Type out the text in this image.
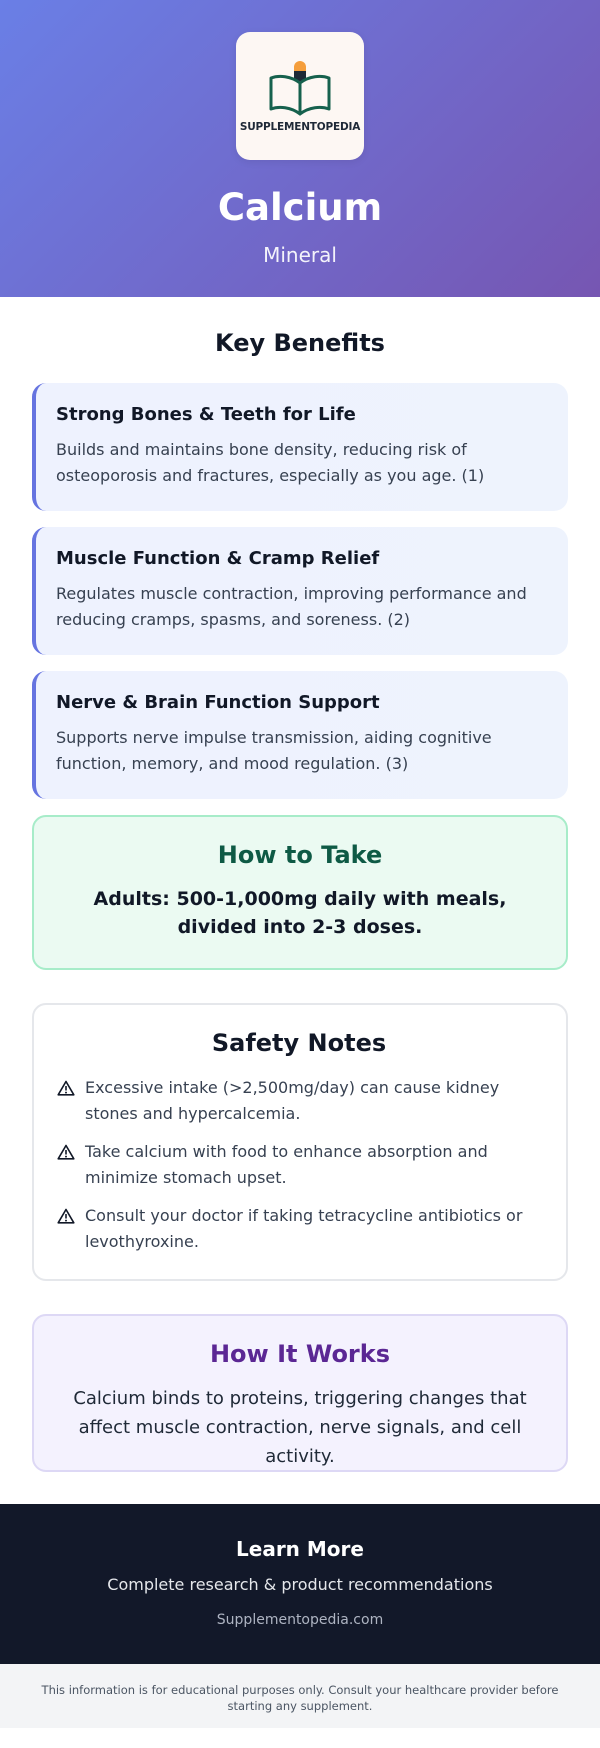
SUPPLEMENTOPEDIA
Calcium
Mineral
Key Benefits
Strong Bones & Teeth for Life
Builds and maintains bone density, reducing risk of osteoporosis and fractures, especially as you age. (1)
Muscle Function & Cramp Relief
Regulates muscle contraction, improving performance and reducing cramps, spasms, and soreness. (2)
Nerve & Brain Function Support
Supports nerve impulse transmission, aiding cognitive function, memory, and mood regulation. (3)
How to Take

Adults: 500-1,000mg daily with meals, divided into 2-3 doses.

Safety Notes
Excessive intake (>2,500mg/day) can cause kidney stones and hypercalcemia.
Take calcium with food to enhance absorption and minimize stomach upset.
Consult your doctor if taking tetracycline antibiotics or levothyroxine.
How It Works

Calcium binds to proteins, triggering changes that affect muscle contraction, nerve signals, and cell activity.

Learn More

Complete research & product recommendations

Supplementopedia.com
This information is for educational purposes only. Consult your healthcare provider before starting any supplement.
